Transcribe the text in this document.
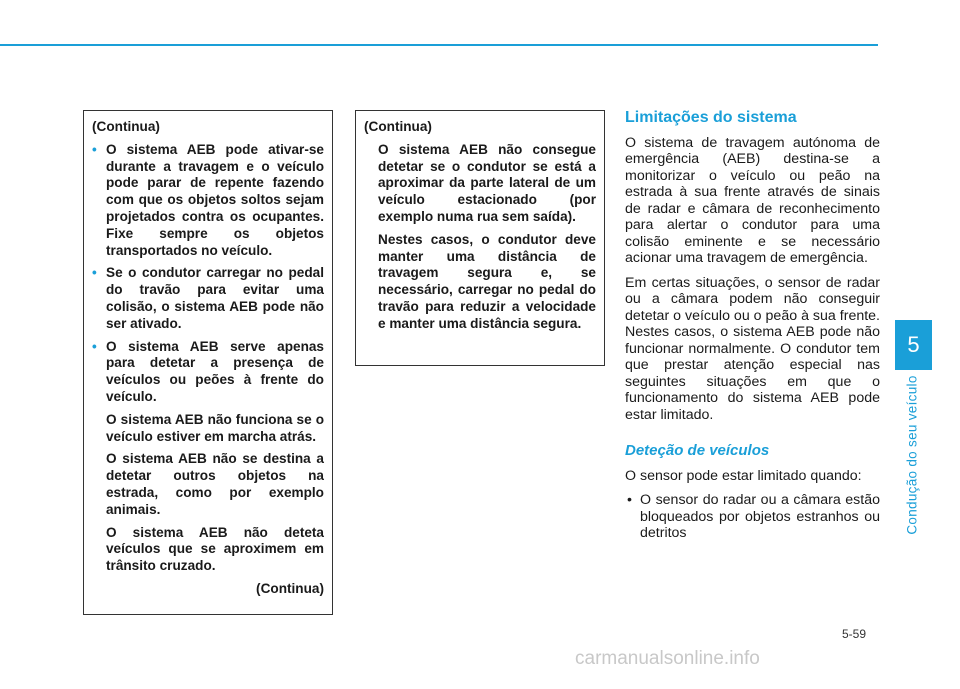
(Continua)

• O sistema AEB pode ativar-se durante a travagem e o veículo pode parar de repente fazendo com que os objetos soltos sejam projetados contra os ocupantes. Fixe sempre os objetos transportados no veículo.

• Se o condutor carregar no pedal do travão para evitar uma colisão, o sistema AEB pode não ser ativado.

• O sistema AEB serve apenas para detetar a presença de veículos ou peões à frente do veículo.

O sistema AEB não funciona se o veículo estiver em marcha atrás.

O sistema AEB não se destina a detetar outros objetos na estrada, como por exemplo animais.

O sistema AEB não deteta veículos que se aproximem em trânsito cruzado.

(Continua)

(Continua)

O sistema AEB não consegue detetar se o condutor se está a aproximar da parte lateral de um veículo estacionado (por exemplo numa rua sem saída).

Nestes casos, o condutor deve manter uma distância de travagem segura e, se necessário, carregar no pedal do travão para reduzir a velocidade e manter uma distância segura.

Limitações do sistema

O sistema de travagem autónoma de emergência (AEB) destina-se a monitorizar o veículo ou peão na estrada à sua frente através de sinais de radar e câmara de reconhecimento para alertar o condutor para uma colisão eminente e se necessário acionar uma travagem de emergência.

Em certas situações, o sensor de radar ou a câmara podem não conseguir detetar o veículo ou o peão à sua frente. Nestes casos, o sistema AEB pode não funcionar normalmente. O condutor tem que prestar atenção especial nas seguintes situações em que o funcionamento do sistema AEB pode estar limitado.

Deteção de veículos

O sensor pode estar limitado quando:

• O sensor do radar ou a câmara estão bloqueados por objetos estranhos ou detritos

5
Condução do seu veículo
5-59
carmanualsonline.info
